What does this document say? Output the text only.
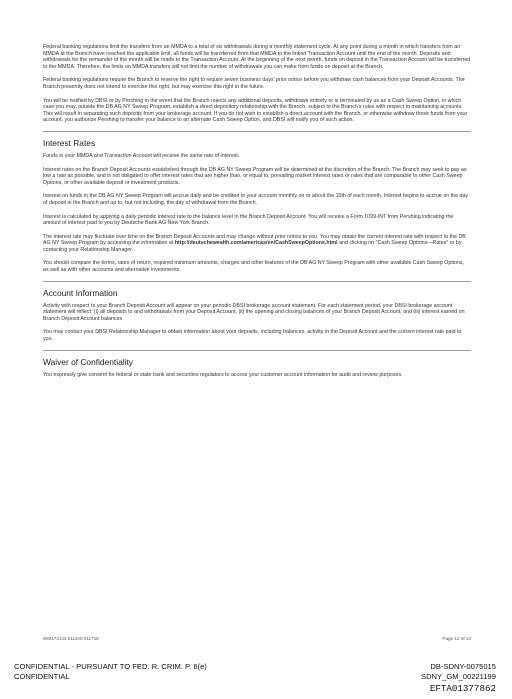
Federal banking regulations limit the transfers from an MMDA to a total of six withdrawals during a monthly statement cycle. At any point during a month in which transfers from an MMDA at the Branch have reached the applicable limit, all funds will be transferred from that MMDA to the linked Transaction Account until the end of the month. Deposits and withdrawals for the remainder of the month will be made to the Transaction Account. At the beginning of the next month, funds on deposit in the Transaction Account will be transferred to the MMDA. Therefore, the limits on MMDA transfers will not limit the number of withdrawals you can make from funds on deposit at the Branch.

Federal banking regulations require the Branch to reserve the right to require seven business days' prior notice before you withdraw cash balances from your Deposit Accounts. The Branch presently does not intend to exercise this right, but may exercise this right in the future.

You will be notified by DBSI or by Pershing in the event that the Branch rejects any additional deposits, withdraws entirely or is terminated by us as a Cash Sweep Option, in which case you may, outside the DB AG NY Sweep Program, establish a direct depository relationship with the Branch, subject to the Branch's rules with respect to maintaining accounts. This will result in separating such deposits from your brokerage account. If you do not wish to establish a direct account with the Branch, or otherwise withdraw those funds from your account, you authorize Pershing to transfer your balance to an alternate Cash Sweep Option, and DBSI will notify you of such action.

Interest Rates

Funds in your MMDA and Transaction Account will receive the same rate of interest.

Interest rates on the Branch Deposit Accounts established through the DB AG NY Sweep Program will be determined at the discretion of the Branch. The Branch may seek to pay as low a rate as possible, and is not obligated to offer interest rates that are higher than, or equal to, prevailing market interest rates or rates that are comparable to other Cash Sweep Options, or other available deposit or investment products.

Interest on funds in the DB AG NY Sweep Program will accrue daily and be credited to your account monthly on or about the 15th of each month. Interest begins to accrue on the day of deposit in the Branch and up to, but not including, the day of withdrawal from the Branch.

Interest is calculated by applying a daily periodic interest rate to the balance level in the Branch Deposit Account. You will receive a Form 1099-INT from Pershing indicating the amount of interest paid to you by Deutsche Bank AG New York Branch.

The interest rate may fluctuate over time on the Branch Deposit Accounts and may change without prior notice to you. You may obtain the current interest rate with respect to the DB AG NY Sweep Program by accessing the information at http://deutschewealth.com/americas/en/CashSweepOptions.html and clicking on "Cash Sweep Options—Rates" or by contacting your Relationship Manager.

You should compare the terms, rates of return, required minimum amounts, charges and other features of the DB AG NY Sweep Program with other available Cash Sweep Options, as well as with other accounts and alternative investments.

Account Information

Activity with respect to your Branch Deposit Account will appear on your periodic DBSI brokerage account statement. For each statement period, your DBSI brokerage account statement will reflect: (i) all deposits to and withdrawals from your Deposit Account, (ii) the opening and closing balances of your Branch Deposit Account, and (iii) interest earned on Branch Deposit Account balances

You may contact your DBSI Relationship Manager to obtain information about your deposits, including balances, activity in the Deposit Account and the current interest rate paid to you.

Waiver of Confidentiality

You expressly give consent for federal or state bank and securities regulators to access your customer account information for audit and review purposes.

WM173143 011100.011718	Page 12 of 13
CONFIDENTIAL - PURSUANT TO FED. R. CRIM. P. 6(e)
CONFIDENTIAL
DB-SDNY-0075015
SDNY_GM_00221199
EFTA01377862
